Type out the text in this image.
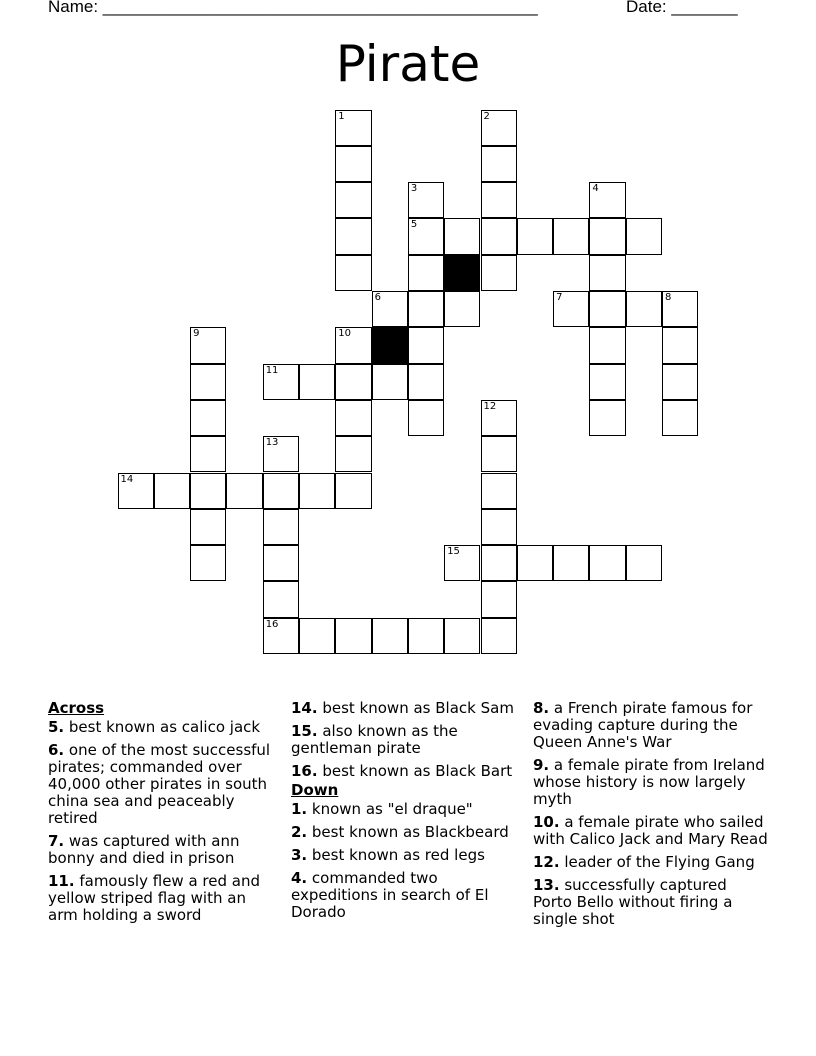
Name: ______________________________________________	Date: _______
Pirate
1	2
3
5
4
6	7	8
9	10
11
12
13
16
14
15
Across
5. best known as calico jack
6. one of the most successful pirates; commanded over 40,000 other pirates in south china sea and peaceably retired
7. was captured with ann bonny and died in prison
11. famously flew a red and yellow striped flag with an arm holding a sword
14. best known as Black Sam
15. also known as the gentleman pirate
16. best known as Black Bart
Down
1. known as "el draque"
2. best known as Blackbeard
3. best known as red legs
4. commanded two expeditions in search of El Dorado
8. a French pirate famous for evading capture during the Queen Anne's War
9. a female pirate from Ireland whose history is now largely myth
10. a female pirate who sailed with Calico Jack and Mary Read
12. leader of the Flying Gang
13. successfully captured Porto Bello without firing a single shot
